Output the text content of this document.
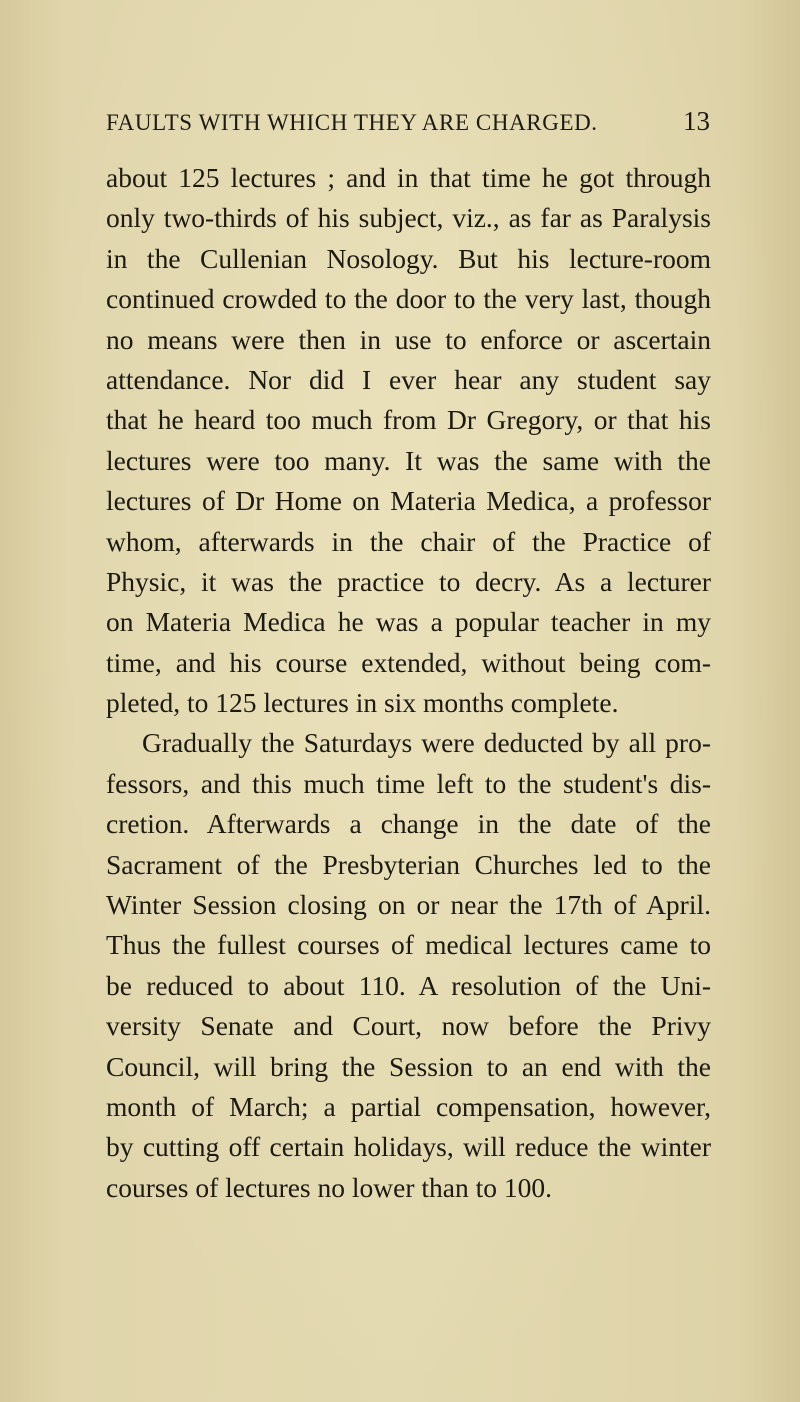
FAULTS WITH WHICH THEY ARE CHARGED.	13
about 125 lectures ; and in that time he got through
only two-thirds of his subject, viz., as far as Paralysis
in the Cullenian Nosology. But his lecture-room
continued crowded to the door to the very last, though
no means were then in use to enforce or ascertain
attendance. Nor did I ever hear any student say
that he heard too much from Dr Gregory, or that his
lectures were too many. It was the same with the
lectures of Dr Home on Materia Medica, a professor
whom, afterwards in the chair of the Practice of
Physic, it was the practice to decry. As a lecturer
on Materia Medica he was a popular teacher in my
time, and his course extended, without being com-
pleted, to 125 lectures in six months complete.
Gradually the Saturdays were deducted by all pro-
fessors, and this much time left to the student's dis-
cretion. Afterwards a change in the date of the
Sacrament of the Presbyterian Churches led to the
Winter Session closing on or near the 17th of April.
Thus the fullest courses of medical lectures came to
be reduced to about 110. A resolution of the Uni-
versity Senate and Court, now before the Privy
Council, will bring the Session to an end with the
month of March; a partial compensation, however,
by cutting off certain holidays, will reduce the winter
courses of lectures no lower than to 100.
